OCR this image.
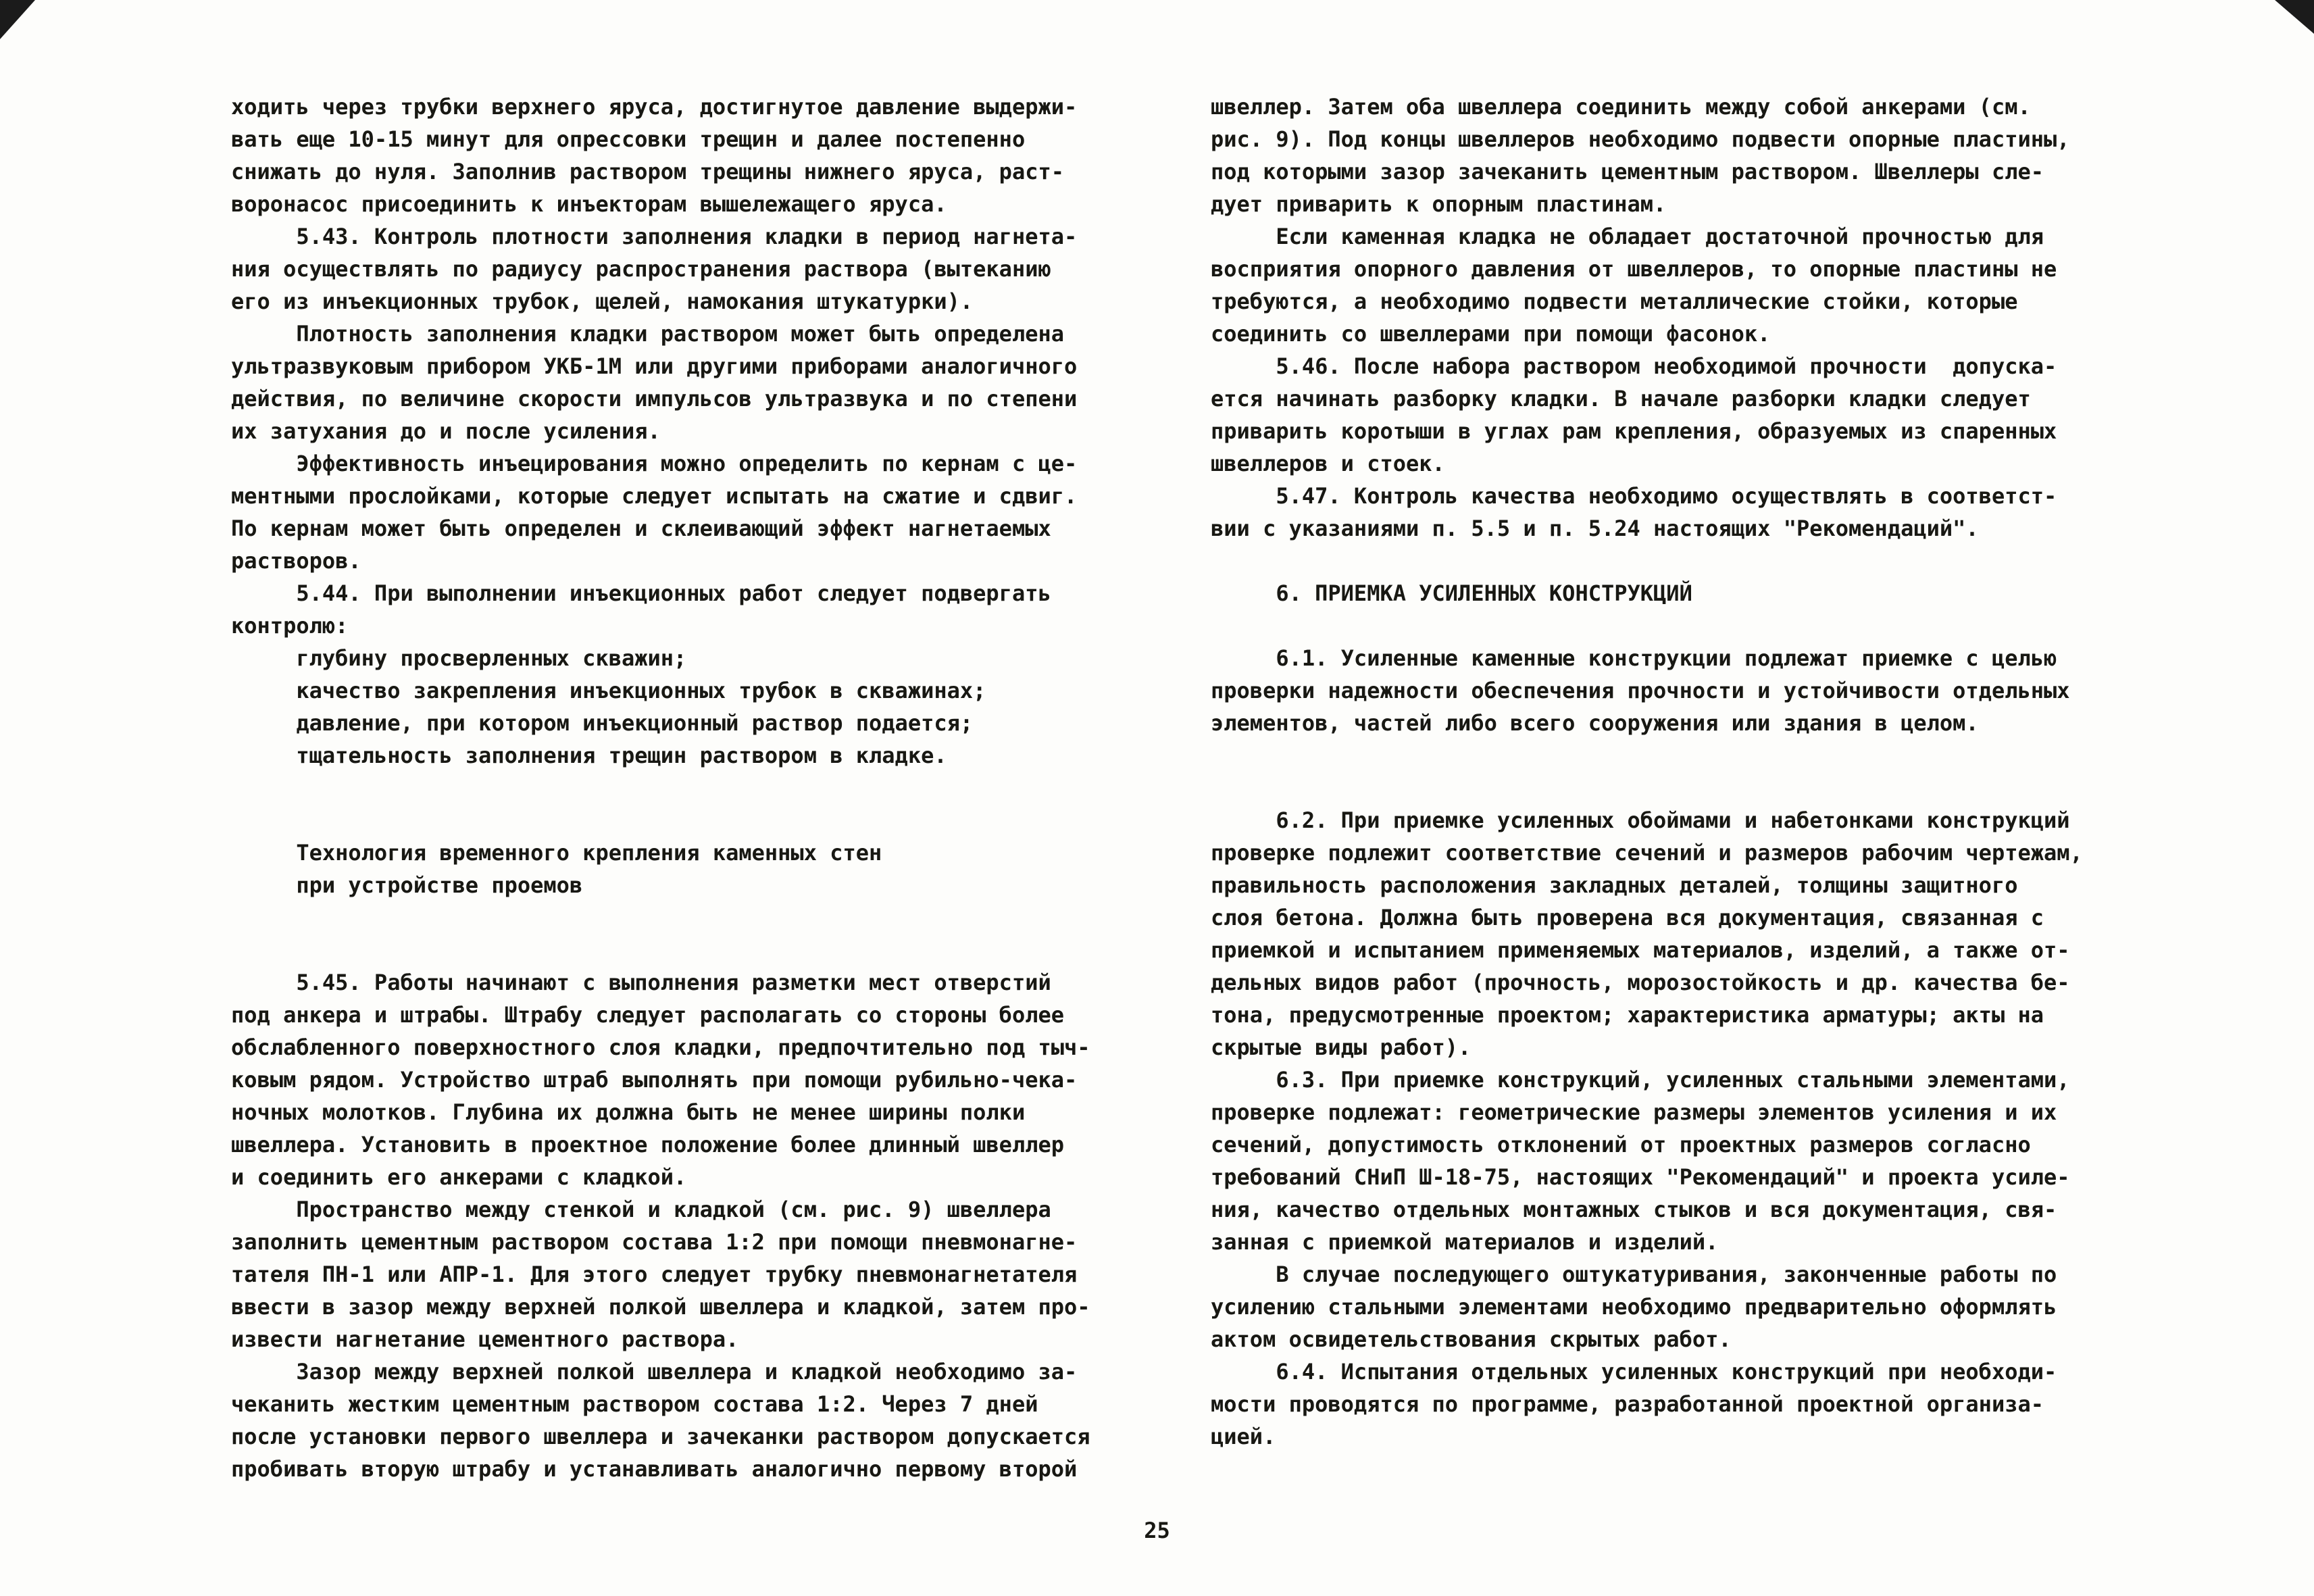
ходить через трубки верхнего яруса, достигнутое давление выдержи-
вать еще 10-15 минут для опрессовки трещин и далее постепенно
снижать до нуля. Заполнив раствором трещины нижнего яруса, раст-
воронасос присоединить к инъекторам вышележащего яруса.
5.43. Контроль плотности заполнения кладки в период нагнета-
ния осуществлять по радиусу распространения раствора (вытеканию
его из инъекционных трубок, щелей, намокания штукатурки).
Плотность заполнения кладки раствором может быть определена
ультразвуковым прибором УКБ-1М или другими приборами аналогичного
действия, по величине скорости импульсов ультразвука и по степени
их затухания до и после усиления.
Эффективность инъецирования можно определить по кернам с це-
ментными прослойками, которые следует испытать на сжатие и сдвиг.
По кернам может быть определен и склеивающий эффект нагнетаемых
растворов.
5.44. При выполнении инъекционных работ следует подвергать
контролю:
глубину просверленных скважин;
качество закрепления инъекционных трубок в скважинах;
давление, при котором инъекционный раствор подается;
тщательность заполнения трещин раствором в кладке.

Технология временного крепления каменных стен
при устройстве проемов

5.45. Работы начинают с выполнения разметки мест отверстий
под анкера и штрабы. Штрабу следует располагать со стороны более
обслабленного поверхностного слоя кладки, предпочтительно под тыч-
ковым рядом. Устройство штраб выполнять при помощи рубильно-чека-
ночных молотков. Глубина их должна быть не менее ширины полки
швеллера. Установить в проектное положение более длинный швеллер
и соединить его анкерами с кладкой.
Пространство между стенкой и кладкой (см. рис. 9) швеллера
заполнить цементным раствором состава 1:2 при помощи пневмонагне-
тателя ПН-1 или АПР-1. Для этого следует трубку пневмонагнетателя
ввести в зазор между верхней полкой швеллера и кладкой, затем про-
извести нагнетание цементного раствора.
Зазор между верхней полкой швеллера и кладкой необходимо за-
чеканить жестким цементным раствором состава 1:2. Через 7 дней
после установки первого швеллера и зачеканки раствором допускается
пробивать вторую штрабу и устанавливать аналогично первому второй
швеллер. Затем оба швеллера соединить между собой анкерами (см.
рис. 9). Под концы швеллеров необходимо подвести опорные пластины,
под которыми зазор зачеканить цементным раствором. Швеллеры сле-
дует приварить к опорным пластинам.
Если каменная кладка не обладает достаточной прочностью для
восприятия опорного давления от швеллеров, то опорные пластины не
требуются, а необходимо подвести металлические стойки, которые
соединить со швеллерами при помощи фасонок.
5.46. После набора раствором необходимой прочности  допуска-
ется начинать разборку кладки. В начале разборки кладки следует
приварить коротыши в углах рам крепления, образуемых из спаренных
швеллеров и стоек.
5.47. Контроль качества необходимо осуществлять в соответст-
вии с указаниями п. 5.5 и п. 5.24 настоящих "Рекомендаций".

6. ПРИЕМКА УСИЛЕННЫХ КОНСТРУКЦИЙ

6.1. Усиленные каменные конструкции подлежат приемке с целью
проверки надежности обеспечения прочности и устойчивости отдельных
элементов, частей либо всего сооружения или здания в целом.

6.2. При приемке усиленных обоймами и набетонками конструкций
проверке подлежит соответствие сечений и размеров рабочим чертежам,
правильность расположения закладных деталей, толщины защитного
слоя бетона. Должна быть проверена вся документация, связанная с
приемкой и испытанием применяемых материалов, изделий, а также от-
дельных видов работ (прочность, морозостойкость и др. качества бе-
тона, предусмотренные проектом; характеристика арматуры; акты на
скрытые виды работ).
6.3. При приемке конструкций, усиленных стальными элементами,
проверке подлежат: геометрические размеры элементов усиления и их
сечений, допустимость отклонений от проектных размеров согласно
требований СНиП Ш-18-75, настоящих "Рекомендаций" и проекта усиле-
ния, качество отдельных монтажных стыков и вся документация, свя-
занная с приемкой материалов и изделий.
В случае последующего оштукатуривания, законченные работы по
усилению стальными элементами необходимо предварительно оформлять
актом освидетельствования скрытых работ.
6.4. Испытания отдельных усиленных конструкций при необходи-
мости проводятся по программе, разработанной проектной организа-
цией.
25
